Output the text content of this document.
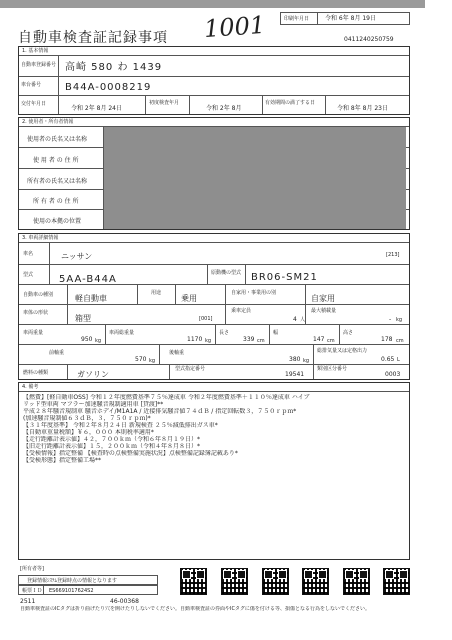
自動車検査証記録事項 1001	印刷年月日	令和 6年 8月 19日
0411240250759
1. 基本情報
自動車登録番号 高崎 580 わ 1439
車台番号	B44A-0008219
交付年月日
令和 2年 8月 24日
初度検査年月
令和 2年 8月
有効期間の満了する日
令和 8年 8月 23日
2. 使用者・所有者情報
使用者の氏名又は名称
使 用 者 の 住 所
所有者の氏名又は名称
所 有 者 の 住 所
使用の本拠の位置
3. 車両詳細情報
車名	ニッサン	[213]
型式	5AA-B44A
原動機の型式 BR06-SM21
自動車の種別	軽自動車
用途
乗用
自家用・事業用の別
自家用
車体の形状
箱型	[001]
乗車定員
4 人
最大積載量
- kg
車両重量
950 kg
車両総重量
1170 kg
長さ
339 cm
幅
147 cm
高さ
178 cm
前軸重
570 kg
後軸重
380 kg
総排気量又は定格出力
0.65 L
燃料の種類	ガソリン
型式指定番号
19541
類別区分番号
0003
4. 備考
【燃費】[軽自動車OSS] 令和１２年度燃費基準７５％達成車 令和２年度燃費基準＋１１０％達成車 ハイブ
リッド型車両 マフラー加速騒音規制適用車 [貸渡]**
平成２８年騒音規制車 騒音ホデイ/M1A1A / 近接排気騒音値７４ｄＢ / 指定回転数３，７５０ｒｐｍ*
(加速騒音規制値６３ｄＢ，３，７５０ｒｐｍ)*
【３１年度基準】 令和２年８月２４日 新規検査 ２５％減低排出ガス車*
【自動車重量税額】￥６，０００ 本則税率適用*
【走行距離計表示値】４２，７００ｋｍ（令和６年８月１９日）*
【旧走行距離計表示値】１５，２００ｋｍ（令和４年８月８日）*
【受検情報】指定整備 【検査時の点検整備実施状況】点検整備記録簿記載あり*
【受検形態】指定整備工場**
[所有者等]
登録情報ｼｽﾃﾑ登録時点の情報となります
帳票ＩＤ ES6691017624S2
2511	46-00368
自動車検査証のICタグは折り曲げたり穴を開けたりしないでください。自動車検査証の券面やICタグに傷を付ける等、損傷となる行為をしないでください。
